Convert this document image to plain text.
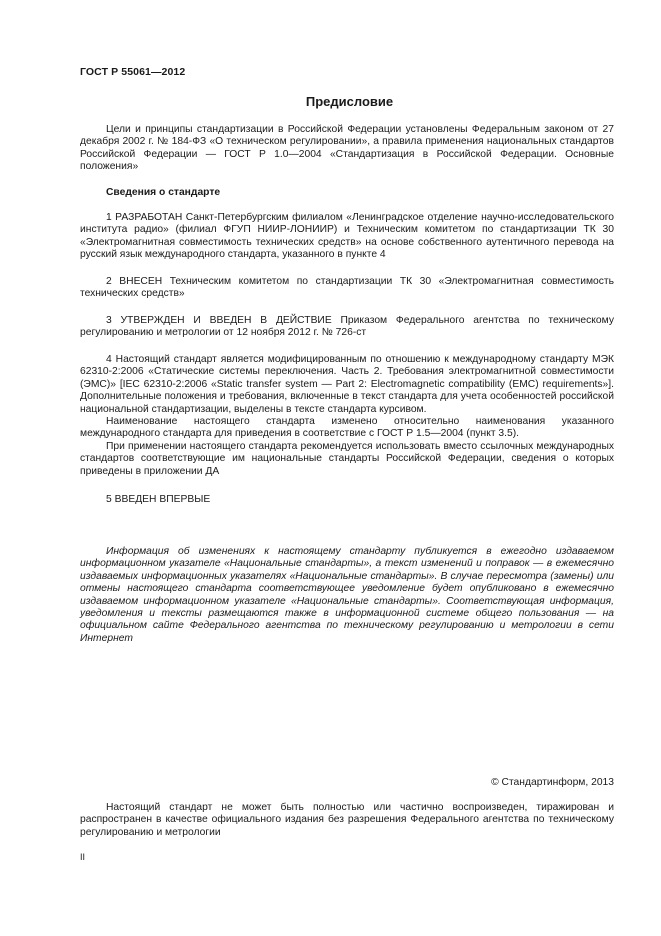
ГОСТ Р 55061—2012
Предисловие

Цели и принципы стандартизации в Российской Федерации установлены Федеральным законом от 27 декабря 2002 г. № 184-ФЗ «О техническом регулировании», а правила применения национальных стандартов Российской Федерации — ГОСТ Р 1.0—2004 «Стандартизация в Российской Федерации. Основные положения»

Сведения о стандарте

1 РАЗРАБОТАН Санкт-Петербургским филиалом «Ленинградское отделение научно-исследовательского института радио» (филиал ФГУП НИИР-ЛОНИИР) и Техническим комитетом по стандартизации ТК 30 «Электромагнитная совместимость технических средств» на основе собственного аутентичного перевода на русский язык международного стандарта, указанного в пункте 4

2 ВНЕСЕН Техническим комитетом по стандартизации ТК 30 «Электромагнитная совместимость технических средств»

3 УТВЕРЖДЕН И ВВЕДЕН В ДЕЙСТВИЕ Приказом Федерального агентства по техническому регулированию и метрологии от 12 ноября 2012 г. № 726-ст

4 Настоящий стандарт является модифицированным по отношению к международному стандарту МЭК 62310-2:2006 «Статические системы переключения. Часть 2. Требования электромагнитной совместимости (ЭМС)» [IEC 62310-2:2006 «Static transfer system — Part 2: Electromagnetic compatibility (EMC) requirements»]. Дополнительные положения и требования, включенные в текст стандарта для учета особенностей российской национальной стандартизации, выделены в тексте стандарта курсивом.

Наименование настоящего стандарта изменено относительно наименования указанного международного стандарта для приведения в соответствие с ГОСТ Р 1.5—2004 (пункт 3.5).

При применении настоящего стандарта рекомендуется использовать вместо ссылочных международных стандартов соответствующие им национальные стандарты Российской Федерации, сведения о которых приведены в приложении ДА

5 ВВЕДЕН ВПЕРВЫЕ

Информация об изменениях к настоящему стандарту публикуется в ежегодно издаваемом информационном указателе «Национальные стандарты», а текст изменений и поправок — в ежемесячно издаваемых информационных указателях «Национальные стандарты». В случае пересмотра (замены) или отмены настоящего стандарта соответствующее уведомление будет опубликовано в ежемесячно издаваемом информационном указателе «Национальные стандарты». Соответствующая информация, уведомления и тексты размещаются также в информационной системе общего пользования — на официальном сайте Федерального агентства по техническому регулированию и метрологии в сети Интернет

© Стандартинформ, 2013

Настоящий стандарт не может быть полностью или частично воспроизведен, тиражирован и распространен в качестве официального издания без разрешения Федерального агентства по техническому регулированию и метрологии

II
